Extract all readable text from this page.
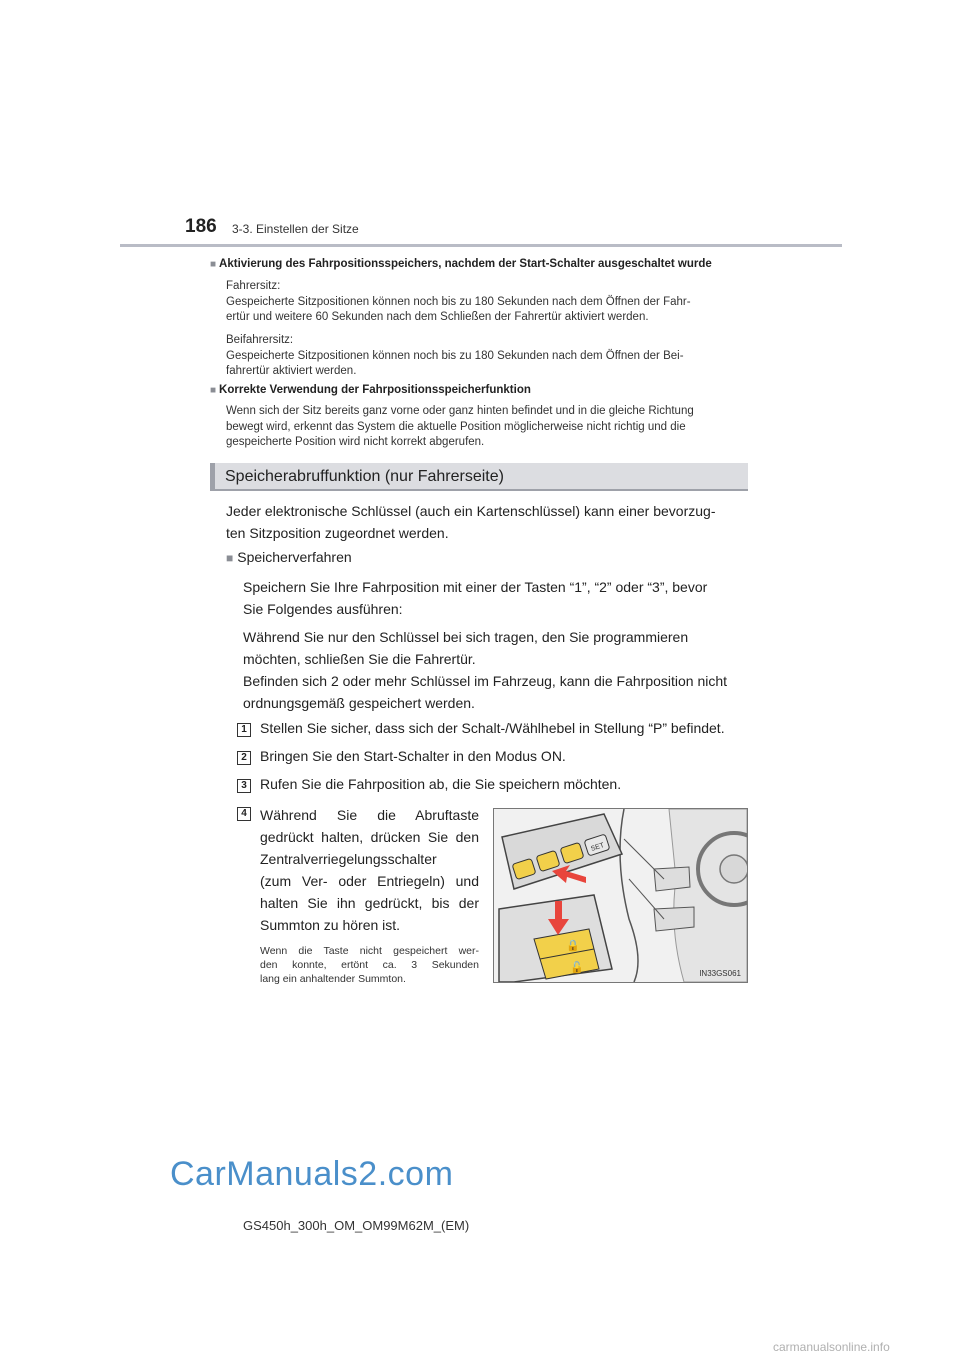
186 3-3. Einstellen der Sitze
■ Aktivierung des Fahrpositionsspeichers, nachdem der Start-Schalter ausgeschaltet wurde
Fahrersitz:
Gespeicherte Sitzpositionen können noch bis zu 180 Sekunden nach dem Öffnen der Fahr-
ertür und weitere 60 Sekunden nach dem Schließen der Fahrertür aktiviert werden.
Beifahrersitz:
Gespeicherte Sitzpositionen können noch bis zu 180 Sekunden nach dem Öffnen der Bei-
fahrertür aktiviert werden.
■ Korrekte Verwendung der Fahrpositionsspeicherfunktion
Wenn sich der Sitz bereits ganz vorne oder ganz hinten befindet und in die gleiche Richtung
bewegt wird, erkennt das System die aktuelle Position möglicherweise nicht richtig und die
gespeicherte Position wird nicht korrekt abgerufen.
Speicherabruffunktion (nur Fahrerseite)
Jeder elektronische Schlüssel (auch ein Kartenschlüssel) kann einer bevorzug-
ten Sitzposition zugeordnet werden.
■ Speicherverfahren
Speichern Sie Ihre Fahrposition mit einer der Tasten “1”, “2” oder “3”, bevor
Sie Folgendes ausführen:
Während Sie nur den Schlüssel bei sich tragen, den Sie programmieren
möchten, schließen Sie die Fahrertür.
Befinden sich 2 oder mehr Schlüssel im Fahrzeug, kann die Fahrposition nicht
ordnungsgemäß gespeichert werden.
1 Stellen Sie sicher, dass sich der Schalt-/Wählhebel in Stellung “P” befindet.
2 Bringen Sie den Start-Schalter in den Modus ON.
3 Rufen Sie die Fahrposition ab, die Sie speichern möchten.
4 Während Sie die Abruftaste
gedrückt halten, drücken Sie den
Zentralverriegelungsschalter
(zum Ver- oder Entriegeln) und
halten Sie ihn gedrückt, bis der
Summton zu hören ist.
Wenn die Taste nicht gespeichert wer-
den konnte, ertönt ca. 3 Sekunden
lang ein anhaltender Summton.
SET
🔒
🔓	IN33GS061
CarManuals2.com
GS450h_300h_OM_OM99M62M_(EM)
carmanualsonline.info
